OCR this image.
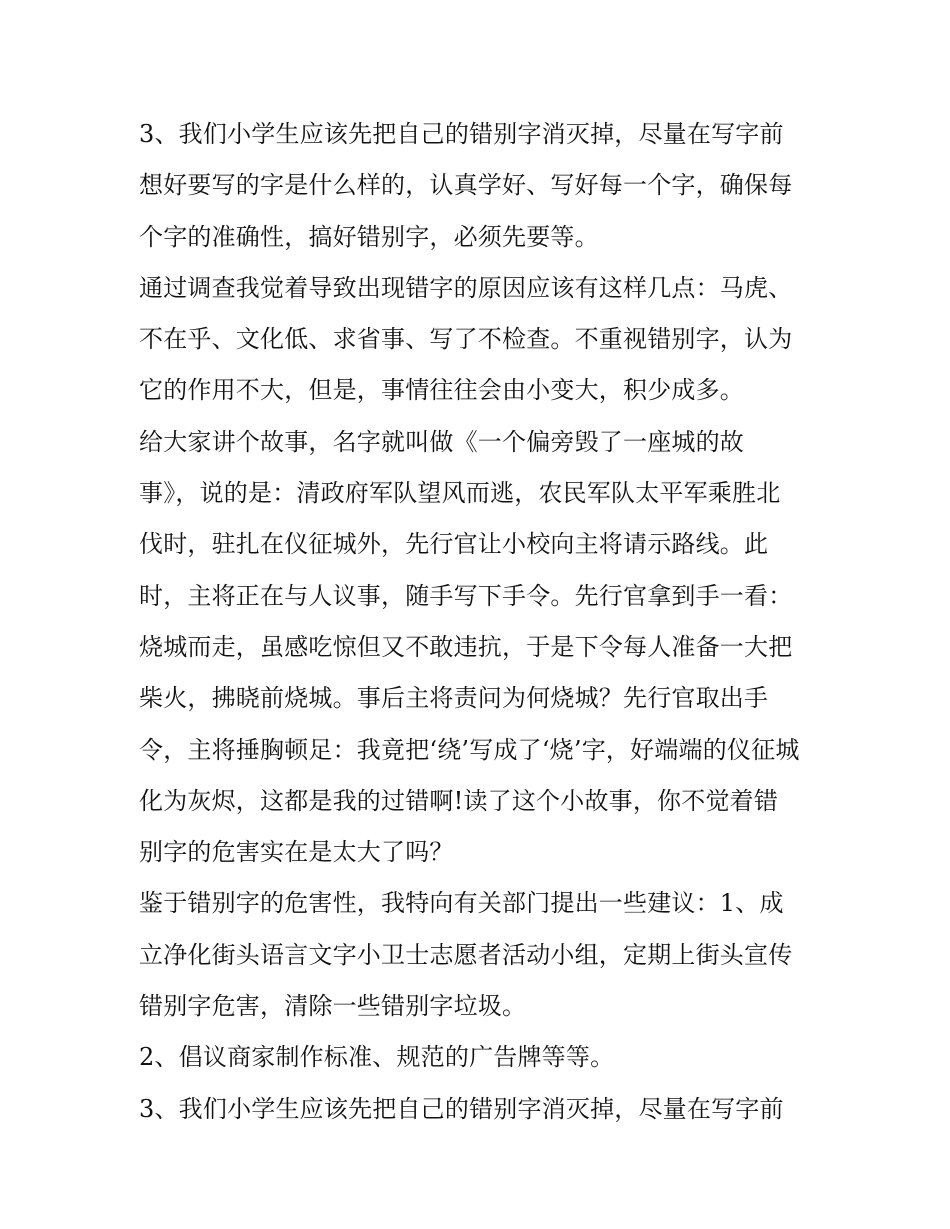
3、我们小学生应该先把自己的错别字消灭掉，尽量在写字前
想好要写的字是什么样的，认真学好、写好每一个字，确保每
个字的准确性，搞好错别字，必须先要等。
通过调查我觉着导致出现错字的原因应该有这样几点：马虎、
不在乎、文化低、求省事、写了不检查。不重视错别字，认为
它的作用不大，但是，事情往往会由小变大，积少成多。
给大家讲个故事，名字就叫做《一个偏旁毁了一座城的故
事》，说的是：清政府军队望风而逃，农民军队太平军乘胜北
伐时，驻扎在仪征城外，先行官让小校向主将请示路线。此
时，主将正在与人议事，随手写下手令。先行官拿到手一看：
烧城而走，虽感吃惊但又不敢违抗，于是下令每人准备一大把
柴火，拂晓前烧城。事后主将责问为何烧城？先行官取出手
令，主将捶胸顿足：我竟把‘绕’写成了‘烧’字，好端端的仪征城
化为灰烬，这都是我的过错啊!读了这个小故事，你不觉着错
别字的危害实在是太大了吗？
鉴于错别字的危害性，我特向有关部门提出一些建议：1、成
立净化街头语言文字小卫士志愿者活动小组，定期上街头宣传
错别字危害，清除一些错别字垃圾。
2、倡议商家制作标准、规范的广告牌等等。
3、我们小学生应该先把自己的错别字消灭掉，尽量在写字前
